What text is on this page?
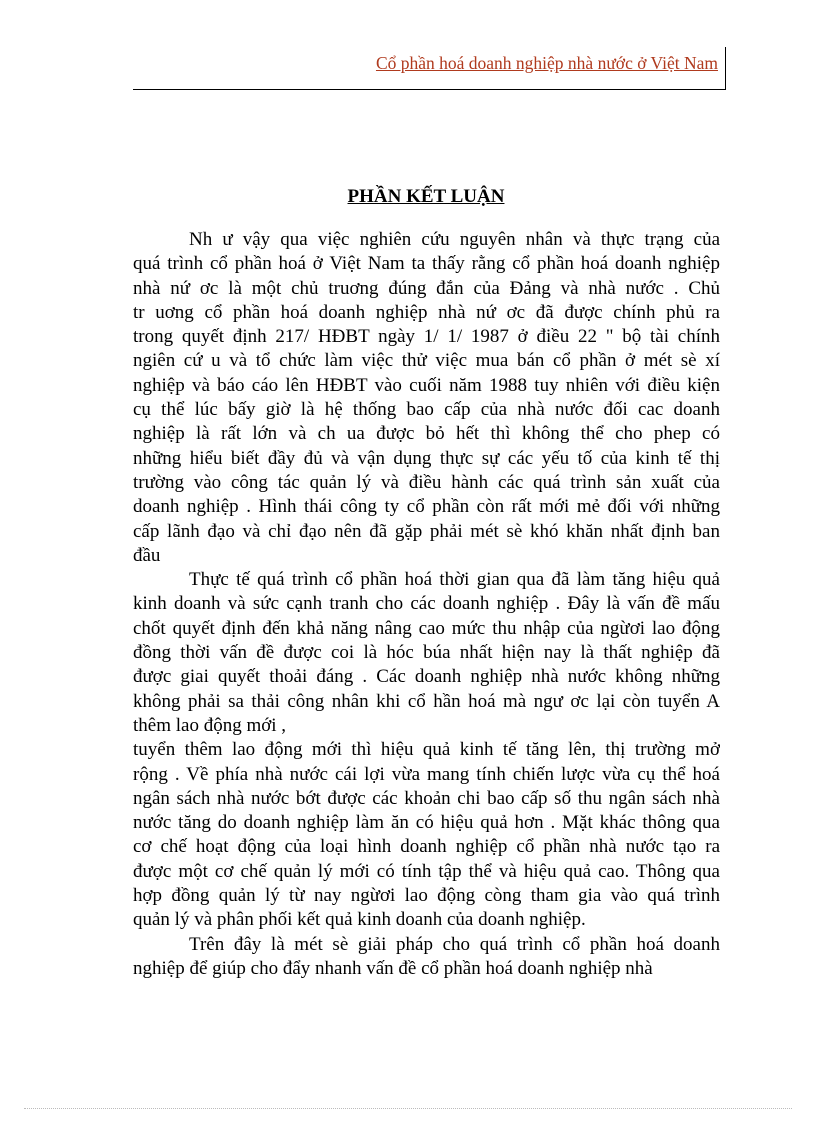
Cổ phần hoá doanh nghiệp nhà nước ở Việt Nam
PHẦN KẾT LUẬN
Nh ư vậy qua việc nghiên cứu nguyên nhân và thực trạng của
quá trình cổ phần hoá ở Việt Nam ta thấy rằng cổ phần hoá doanh nghiệp
nhà nứ ơc là một chủ truơng đúng đắn của Đảng và nhà nước . Chủ
tr uơng cổ phần hoá doanh nghiệp nhà nứ ơc đã được chính phủ ra
trong quyết định 217/ HĐBT ngày 1/ 1/ 1987 ở điều 22 " bộ tài chính
ngiên cứ u và tổ chức làm việc thử việc mua bán cổ phần ở mét sè xí
nghiệp và báo cáo lên HĐBT vào cuối năm 1988 tuy nhiên với điều kiện
cụ thể lúc bấy giờ là hệ thống bao cấp của nhà nước đối cac doanh
nghiệp là rất lớn và ch ua được bỏ hết thì không thể cho phep có
những hiểu biết đầy đủ và vận dụng thực sự các yếu tố của kinh tế thị
trường vào công tác quản lý và điều hành các quá trình sản xuất của
doanh nghiệp . Hình thái công ty cổ phần còn rất mới mẻ đối với những
cấp lãnh đạo và chỉ đạo nên đã gặp phải mét sè khó khăn nhất định ban
đầu
Thực tế quá trình cổ phần hoá thời gian qua đã làm tăng hiệu quả
kinh doanh và sức cạnh tranh cho các doanh nghiệp . Đây là vấn đề mấu
chốt quyết định đến khả năng nâng cao mức thu nhập của ngừơi lao động
đồng thời vấn đề được coi là hóc búa nhất hiện nay là thất nghiệp đã
được giai quyết thoải đáng . Các doanh nghiệp nhà nước không những
không phải sa thải công nhân khi cổ hần hoá mà ngư ơc lại còn tuyển A
thêm lao động mới ,
tuyển thêm lao động mới thì hiệu quả kinh tế tăng lên, thị trường mở
rộng . Về phía nhà nước cái lợi vừa mang tính chiến lược vừa cụ thể hoá
ngân sách nhà nước bớt được các khoản chi bao cấp số thu ngân sách nhà
nước tăng do doanh nghiệp làm ăn có hiệu quả hơn . Mặt khác thông qua
cơ chế hoạt động của loại hình doanh nghiệp cổ phần nhà nước tạo ra
được một cơ chế quản lý mới có tính tập thể và hiệu quả cao. Thông qua
hợp đồng quản lý từ nay ngừơi lao động còng tham gia vào quá trình
quản lý và phân phối kết quả kinh doanh của doanh nghiệp.
Trên đây là mét sè giải pháp cho quá trình cổ phần hoá doanh
nghiệp để giúp cho đẩy nhanh vấn đề cổ phần hoá doanh nghiệp nhà
